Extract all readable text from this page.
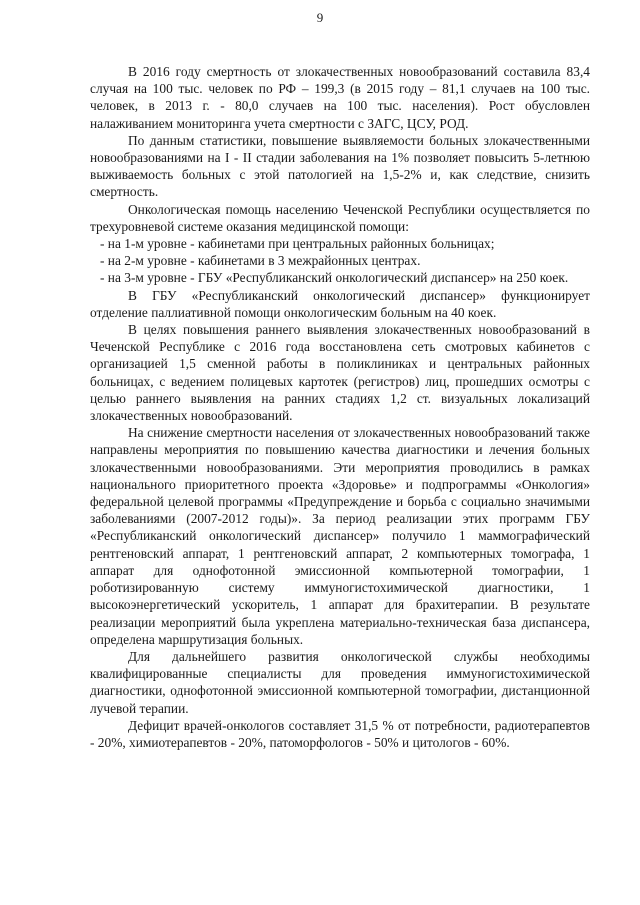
9

В 2016 году смертность от злокачественных новообразований составила 83,4 случая на 100 тыс. человек по РФ – 199,3 (в 2015 году – 81,1 случаев на 100 тыс. человек, в 2013 г. - 80,0 случаев на 100 тыс. населения). Рост обусловлен налаживанием мониторинга учета смертности с ЗАГС, ЦСУ, РОД.

По данным статистики, повышение выявляемости больных злокачественными новообразованиями на I - II стадии заболевания на 1% позволяет повысить 5-летнюю выживаемость больных с этой патологией на 1,5-2% и, как следствие, снизить смертность.

Онкологическая помощь населению Чеченской Республики осуществляется по трехуровневой системе оказания медицинской помощи:

- на 1-м уровне - кабинетами при центральных районных больницах;

- на 2-м уровне - кабинетами в 3 межрайонных центрах.

- на 3-м уровне - ГБУ «Республиканский онкологический диспансер» на 250 коек.

В ГБУ «Республиканский онкологический диспансер» функционирует отделение паллиативной помощи онкологическим больным на 40 коек.

В целях повышения раннего выявления злокачественных новообразований в Чеченской Республике с 2016 года восстановлена сеть смотровых кабинетов с организацией 1,5 сменной работы в поликлиниках и центральных районных больницах, с ведением полицевых картотек (регистров) лиц, прошедших осмотры с целью раннего выявления на ранних стадиях 1,2 ст. визуальных локализаций злокачественных новообразований.

На снижение смертности населения от злокачественных новообразований также направлены мероприятия по повышению качества диагностики и лечения больных злокачественными новообразованиями. Эти мероприятия проводились в рамках национального приоритетного проекта «Здоровье» и подпрограммы «Онкология» федеральной целевой программы «Предупреждение и борьба с социально значимыми заболеваниями (2007-2012 годы)». За период реализации этих программ ГБУ «Республиканский онкологический диспансер» получило 1 маммографический рентгеновский аппарат, 1 рентгеновский аппарат, 2 компьютерных томографа, 1 аппарат для однофотонной эмиссионной компьютерной томографии, 1 роботизированную систему иммуногистохимической диагностики, 1 высокоэнергетический ускоритель, 1 аппарат для брахитерапии. В результате реализации мероприятий была укреплена материально-техническая база диспансера, определена маршрутизация больных.

Для дальнейшего развития онкологической службы необходимы квалифицированные специалисты для проведения иммуногистохимической диагностики, однофотонной эмиссионной компьютерной томографии, дистанционной лучевой терапии.

Дефицит врачей-онкологов составляет 31,5 % от потребности, радиотерапевтов - 20%, химиотерапевтов - 20%, патоморфологов - 50% и цитологов - 60%.
